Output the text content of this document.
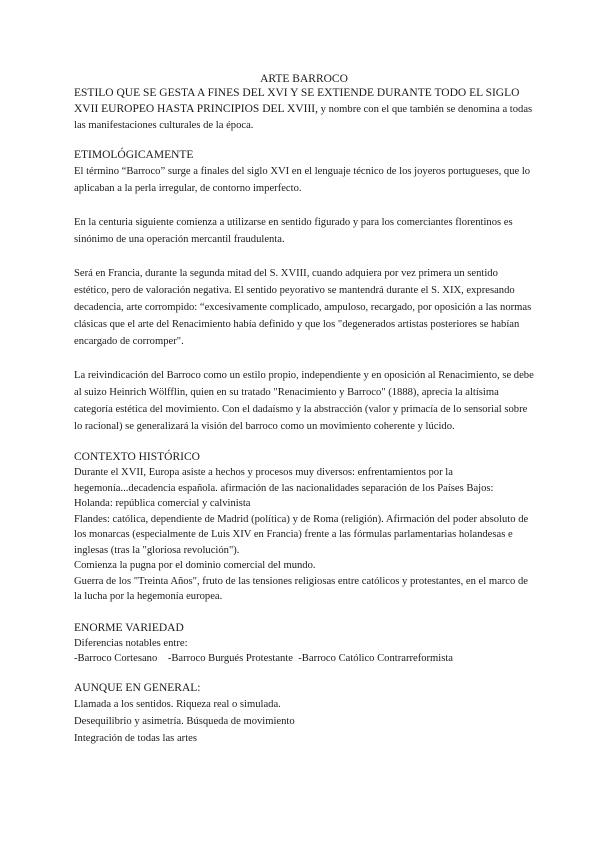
ARTE BARROCO

ESTILO QUE SE GESTA A FINES DEL XVI Y SE EXTIENDE DURANTE TODO EL SIGLO XVII EUROPEO HASTA PRINCIPIOS DEL XVIII, y nombre con el que también se denomina a todas las manifestaciones culturales de la época.

ETIMOLÓGICAMENTE

El término “Barroco” surge a finales del siglo XVI en el lenguaje técnico de los joyeros portugueses, que lo aplicaban a la perla irregular, de contorno imperfecto.

En la centuria siguiente comienza a utilizarse en sentido figurado y para los comerciantes florentinos es sinónimo de una operación mercantil fraudulenta.

Será en Francia, durante la segunda mitad del S. XVIII, cuando adquiera por vez primera un sentido estético, pero de valoración negativa. El sentido peyorativo se mantendrá durante el S. XIX, expresando decadencia, arte corrompido: “excesivamente complicado, ampuloso, recargado, por oposición a las normas clásicas que el arte del Renacimiento había definido y que los "degenerados artistas posteriores se habían encargado de corromper".

La reivindicación del Barroco como un estilo propio, independiente y en oposición al Renacimiento, se debe al suizo Heinrich Wölfflin, quien en su tratado "Renacimiento y Barroco" (1888), aprecia la altísima categoría estética del movimiento. Con el dadaísmo y la abstracción (valor y primacía de lo sensorial sobre lo racional) se generalizará la visión del barroco como un movimiento coherente y lúcido.

CONTEXTO HISTÓRICO

Durante el XVII, Europa asiste a hechos y procesos muy diversos: enfrentamientos por la hegemonía...decadencia española. afirmación de las nacionalidades separación de los Países Bajos:

Holanda: república comercial y calvinista

Flandes: católica, dependiente de Madrid (política) y de Roma (religión). Afirmación del poder absoluto de los monarcas (especialmente de Luis XIV en Francia) frente a las fórmulas parlamentarias holandesas e inglesas (tras la "gloriosa revolución").

Comienza la pugna por el dominio comercial del mundo.

Guerra de los "Treinta Años", fruto de las tensiones religiosas entre católicos y protestantes, en el marco de la lucha por la hegemonía europea.

ENORME VARIEDAD

Diferencias notables entre:

-Barroco Cortesano    -Barroco Burgués Protestante  -Barroco Católico Contrarreformista

AUNQUE EN GENERAL:

Llamada a los sentidos. Riqueza real o simulada.

Desequilibrio y asimetría. Búsqueda de movimiento

Integración de todas las artes
